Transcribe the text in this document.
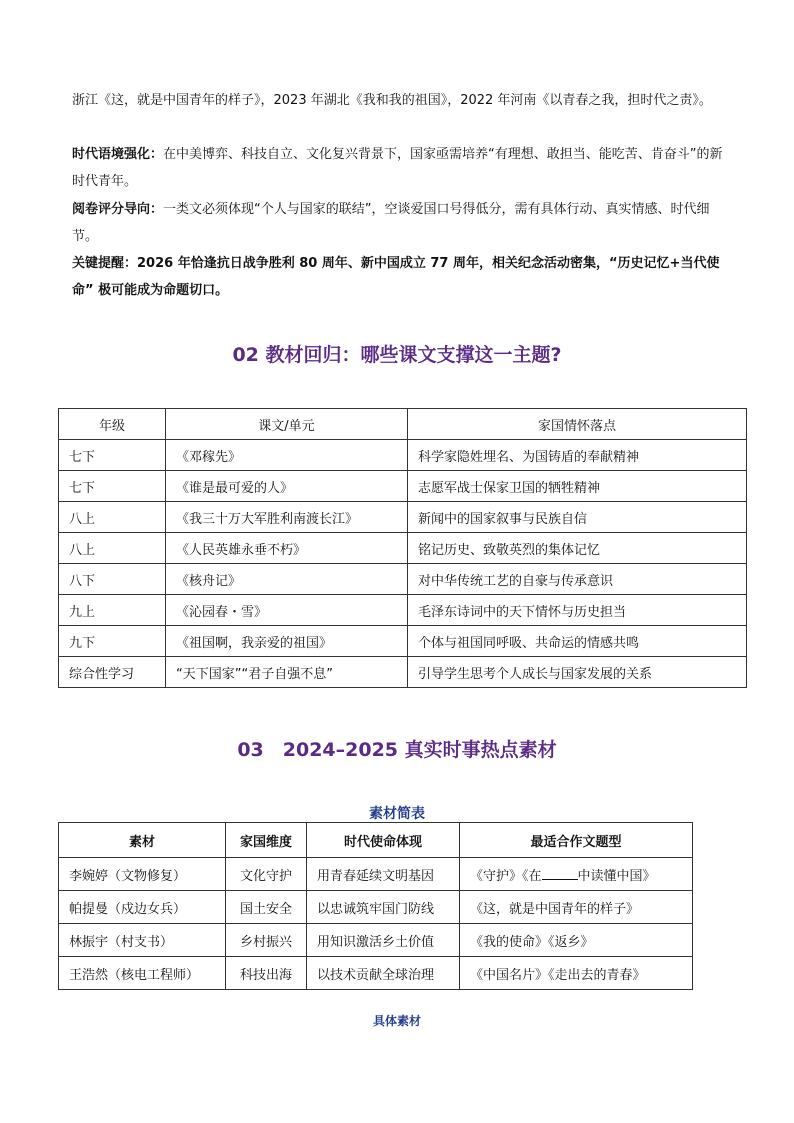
浙江《这，就是中国青年的样子》，2023 年湖北《我和我的祖国》，2022 年河南《以青春之我，担时代之责》。

时代语境强化：在中美博弈、科技自立、文化复兴背景下，国家亟需培养“有理想、敢担当、能吃苦、肯奋斗”的新时代青年。

阅卷评分导向：一类文必须体现“个人与国家的联结”，空谈爱国口号得低分，需有具体行动、真实情感、时代细节。

关键提醒：2026 年恰逢抗日战争胜利 80 周年、新中国成立 77 周年，相关纪念活动密集，“历史记忆+当代使命” 极可能成为命题切口。

02 教材回归：哪些课文支撑这一主题?
年级	课文/单元	家国情怀落点
七下	《邓稼先》	科学家隐姓埋名、为国铸盾的奉献精神
七下	《谁是最可爱的人》	志愿军战士保家卫国的牺牲精神
八上	《我三十万大军胜利南渡长江》	新闻中的国家叙事与民族自信
八上	《人民英雄永垂不朽》	铭记历史、致敬英烈的集体记忆
八下	《核舟记》	对中华传统工艺的自豪与传承意识
九上	《沁园春・雪》	毛泽东诗词中的天下情怀与历史担当
九下	《祖国啊，我亲爱的祖国》	个体与祖国同呼吸、共命运的情感共鸣
综合性学习	“天下国家”“君子自强不息”	引导学生思考个人成长与国家发展的关系
03　2024–2025 真实时事热点素材

素材简表

素材	家国维度	时代使命体现	最适合作文题型
李婉婷（文物修复）	文化守护	用青春延续文明基因	《守护》《在 中读懂中国》
帕提曼（戍边女兵）	国土安全	以忠诚筑牢国门防线	《这，就是中国青年的样子》
林振宇（村支书）	乡村振兴	用知识激活乡土价值	《我的使命》《返乡》
王浩然（核电工程师）	科技出海	以技术贡献全球治理	《中国名片》《走出去的青春》

具体素材
